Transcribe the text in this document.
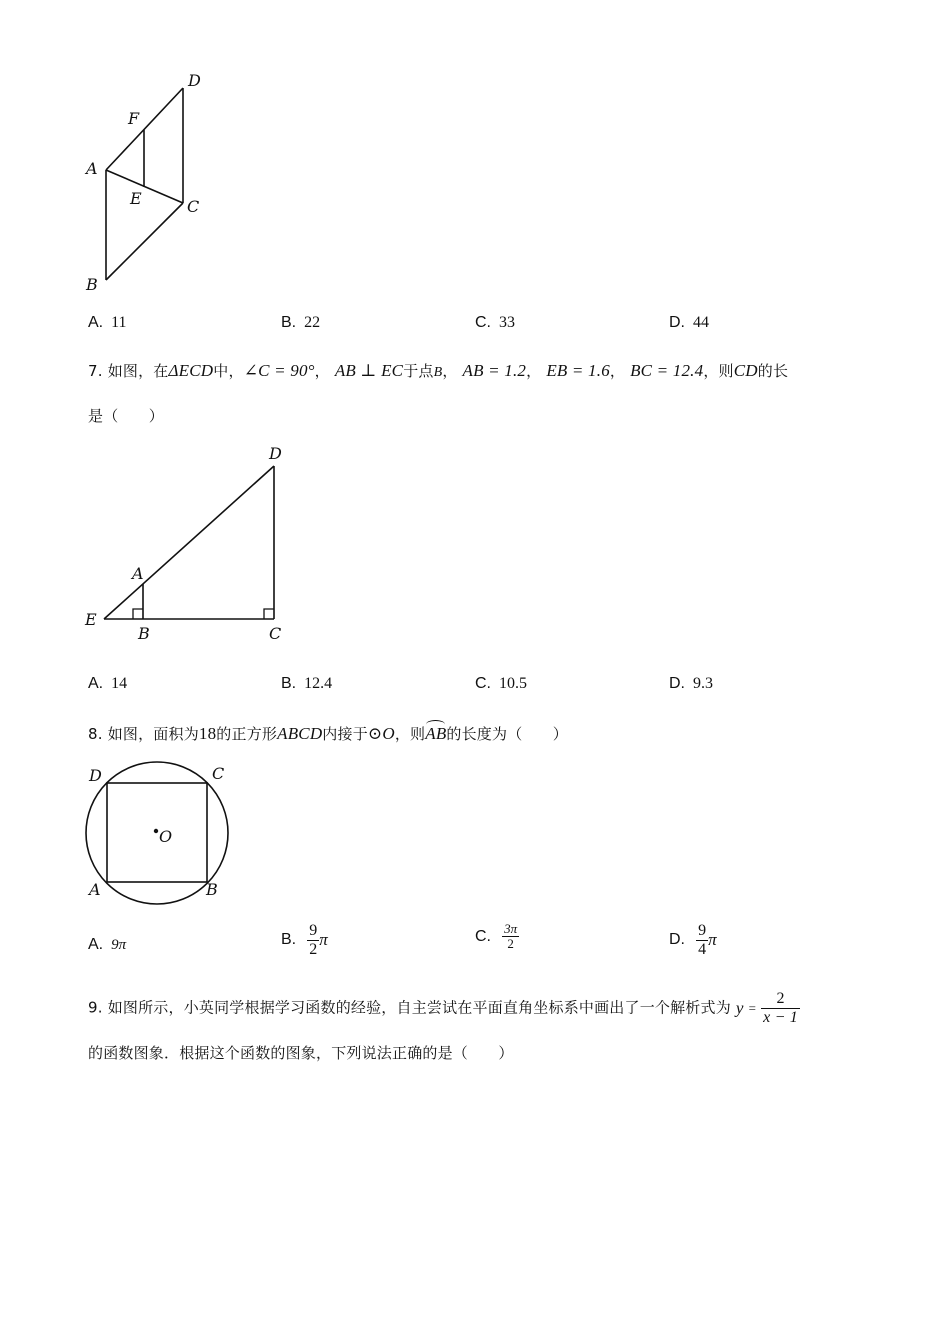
D
F
A
E	C
B
A. 11	B. 22	C. 33	D. 44
7. 如图，在ΔECD中，∠C = 90°， AB ⊥ EC于点B， AB = 1.2， EB = 1.6， BC = 12.4，则CD的长
是（　　）
D
A
E
B	C
A. 14	B. 12.4	C. 10.5	D. 9.3
8. 如图，面积为18的正方形ABCD内接于⊙O，则AB的长度为（　　）
D	C
O
A	B
A. 9π	B. $\frac{9}{2}$ π	C. $\frac{3\pi}{2}$	D. $\frac{9}{4}$ π
9. 如图所示，小英同学根据学习函数的经验，自主尝试在平面直角坐标系中画出了一个解析式为 $y = \frac{2}{x - 1}$
的函数图象．根据这个函数的图象，下列说法正确的是（　　）
